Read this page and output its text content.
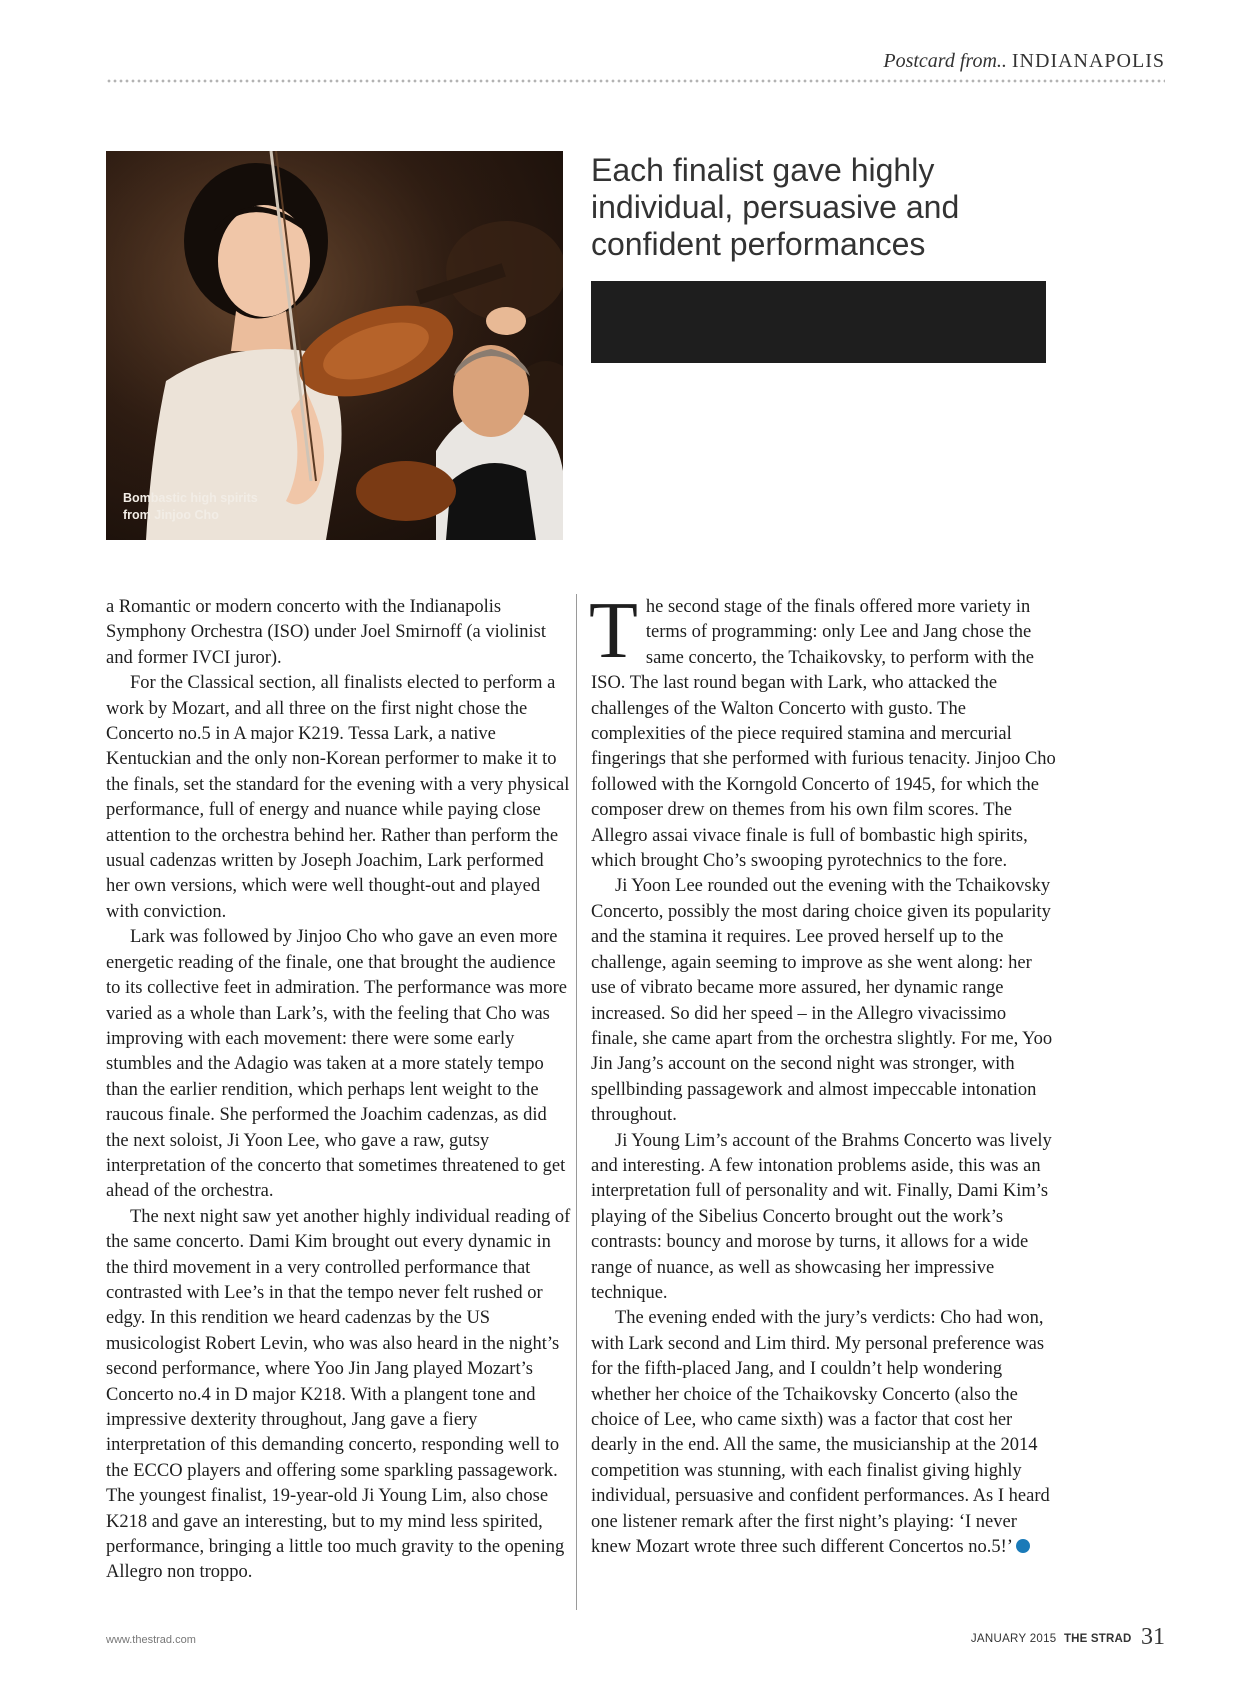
Postcard from.. INDIANAPOLIS
Bombastic high spirits
from Jinjoo Cho
Each finalist gave highly individual, persuasive and confident performances

a Romantic or modern concerto with the Indianapolis Symphony Orchestra (ISO) under Joel Smirnoff (a violinist and former IVCI juror).

For the Classical section, all finalists elected to perform a work by Mozart, and all three on the first night chose the Concerto no.5 in A major K219. Tessa Lark, a native Kentuckian and the only non-Korean performer to make it to the finals, set the standard for the evening with a very physical performance, full of energy and nuance while paying close attention to the orchestra behind her. Rather than perform the usual cadenzas written by Joseph Joachim, Lark performed her own versions, which were well thought-out and played with conviction.

Lark was followed by Jinjoo Cho who gave an even more energetic reading of the finale, one that brought the audience to its collective feet in admiration. The performance was more varied as a whole than Lark’s, with the feeling that Cho was improving with each movement: there were some early stumbles and the Adagio was taken at a more stately tempo than the earlier rendition, which perhaps lent weight to the raucous finale. She performed the Joachim cadenzas, as did the next soloist, Ji Yoon Lee, who gave a raw, gutsy interpretation of the concerto that sometimes threatened to get ahead of the orchestra.

The next night saw yet another highly individual reading of the same concerto. Dami Kim brought out every dynamic in the third movement in a very controlled performance that contrasted with Lee’s in that the tempo never felt rushed or edgy. In this rendition we heard cadenzas by the US musicologist Robert Levin, who was also heard in the night’s second performance, where Yoo Jin Jang played Mozart’s Concerto no.4 in D major K218. With a plangent tone and impressive dexterity throughout, Jang gave a fiery interpretation of this demanding concerto, responding well to the ECCO players and offering some sparkling passagework. The youngest finalist, 19-year-old Ji Young Lim, also chose K218 and gave an interesting, but to my mind less spirited, performance, bringing a little too much gravity to the opening Allegro non troppo.

The second stage of the finals offered more variety in terms of programming: only Lee and Jang chose the same concerto, the Tchaikovsky, to perform with the ISO. The last round began with Lark, who attacked the challenges of the Walton Concerto with gusto. The complexities of the piece required stamina and mercurial fingerings that she performed with furious tenacity. Jinjoo Cho followed with the Korngold Concerto of 1945, for which the composer drew on themes from his own film scores. The Allegro assai vivace finale is full of bombastic high spirits, which brought Cho’s swooping pyrotechnics to the fore.

Ji Yoon Lee rounded out the evening with the Tchaikovsky Concerto, possibly the most daring choice given its popularity and the stamina it requires. Lee proved herself up to the challenge, again seeming to improve as she went along: her use of vibrato became more assured, her dynamic range increased. So did her speed – in the Allegro vivacissimo finale, she came apart from the orchestra slightly. For me, Yoo Jin Jang’s account on the second night was stronger, with spellbinding passagework and almost impeccable intonation throughout.

Ji Young Lim’s account of the Brahms Concerto was lively and interesting. A few intonation problems aside, this was an interpretation full of personality and wit. Finally, Dami Kim’s playing of the Sibelius Concerto brought out the work’s contrasts: bouncy and morose by turns, it allows for a wide range of nuance, as well as showcasing her impressive technique.

The evening ended with the jury’s verdicts: Cho had won, with Lark second and Lim third. My personal preference was for the fifth-placed Jang, and I couldn’t help wondering whether her choice of the Tchaikovsky Concerto (also the choice of Lee, who came sixth) was a factor that cost her dearly in the end. All the same, the musicianship at the 2014 competition was stunning, with each finalist giving highly individual, persuasive and confident performances. As I heard one listener remark after the first night’s playing: ‘I never knew Mozart wrote three such different Concertos no.5!’

www.thestrad.com	JANUARY 2015 THE STRAD 31
